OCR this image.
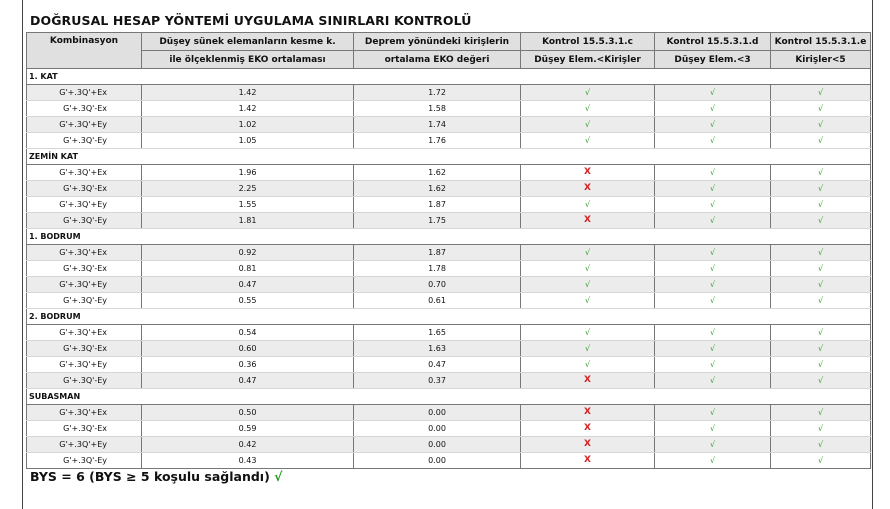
DOĞRUSAL HESAP YÖNTEMİ UYGULAMA SINIRLARI KONTROLÜ
Kombinasyon	Düşey sünek elemanların kesme k.	Deprem yönündeki kirişlerin	Kontrol 15.5.3.1.c	Kontrol 15.5.3.1.d	Kontrol 15.5.3.1.e
	ile ölçeklenmiş EKO ortalaması	ortalama EKO değeri	Düşey Elem.<Kirişler	Düşey Elem.<3	Kirişler<5
1. KAT					
G'+.3Q'+Ex	1.42	1.72	√	√	√
G'+.3Q'-Ex	1.42	1.58	√	√	√
G'+.3Q'+Ey	1.02	1.74	√	√	√
G'+.3Q'-Ey	1.05	1.76	√	√	√
ZEMİN KAT					
G'+.3Q'+Ex	1.96	1.62	X	√	√
G'+.3Q'-Ex	2.25	1.62	X	√	√
G'+.3Q'+Ey	1.55	1.87	√	√	√
G'+.3Q'-Ey	1.81	1.75	X	√	√
1. BODRUM					
G'+.3Q'+Ex	0.92	1.87	√	√	√
G'+.3Q'-Ex	0.81	1.78	√	√	√
G'+.3Q'+Ey	0.47	0.70	√	√	√
G'+.3Q'-Ey	0.55	0.61	√	√	√
2. BODRUM					
G'+.3Q'+Ex	0.54	1.65	√	√	√
G'+.3Q'-Ex	0.60	1.63	√	√	√
G'+.3Q'+Ey	0.36	0.47	√	√	√
G'+.3Q'-Ey	0.47	0.37	X	√	√
SUBASMAN					
G'+.3Q'+Ex	0.50	0.00	X	√	√
G'+.3Q'-Ex	0.59	0.00	X	√	√
G'+.3Q'+Ey	0.42	0.00	X	√	√
G'+.3Q'-Ey	0.43	0.00	X	√	√
BYS = 6 (BYS ≥ 5 koşulu sağlandı) √
